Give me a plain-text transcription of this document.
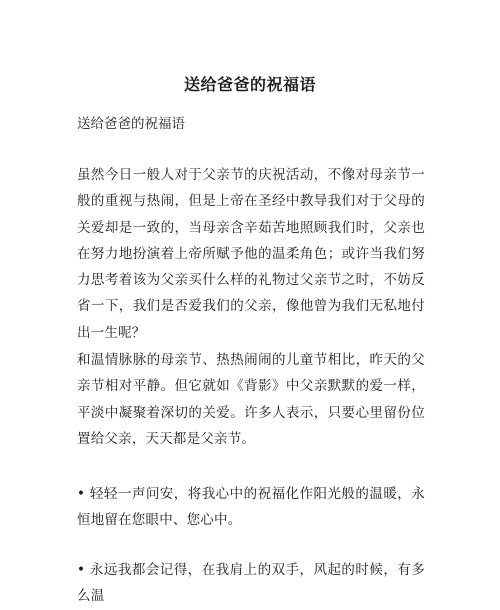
送给爸爸的祝福语

送给爸爸的祝福语

虽然今日一般人对于父亲节的庆祝活动，不像对母亲节一般的重视与热闹，但是上帝在圣经中教导我们对于父母的关爱却是一致的，当母亲含辛茹苦地照顾我们时，父亲也在努力地扮演着上帝所赋予他的温柔角色；或许当我们努力思考着该为父亲买什么样的礼物过父亲节之时，不妨反省一下，我们是否爱我们的父亲，像他曾为我们无私地付出一生呢？

和温情脉脉的母亲节、热热闹闹的儿童节相比，昨天的父亲节相对平静。但它就如《背影》中父亲默默的爱一样，平淡中凝聚着深切的关爱。许多人表示，只要心里留份位置给父亲，天天都是父亲节。

• 轻轻一声问安，将我心中的祝福化作阳光般的温暖，永恒地留在您眼中、您心中。

• 永远我都会记得，在我肩上的双手，风起的时候，有多么温
